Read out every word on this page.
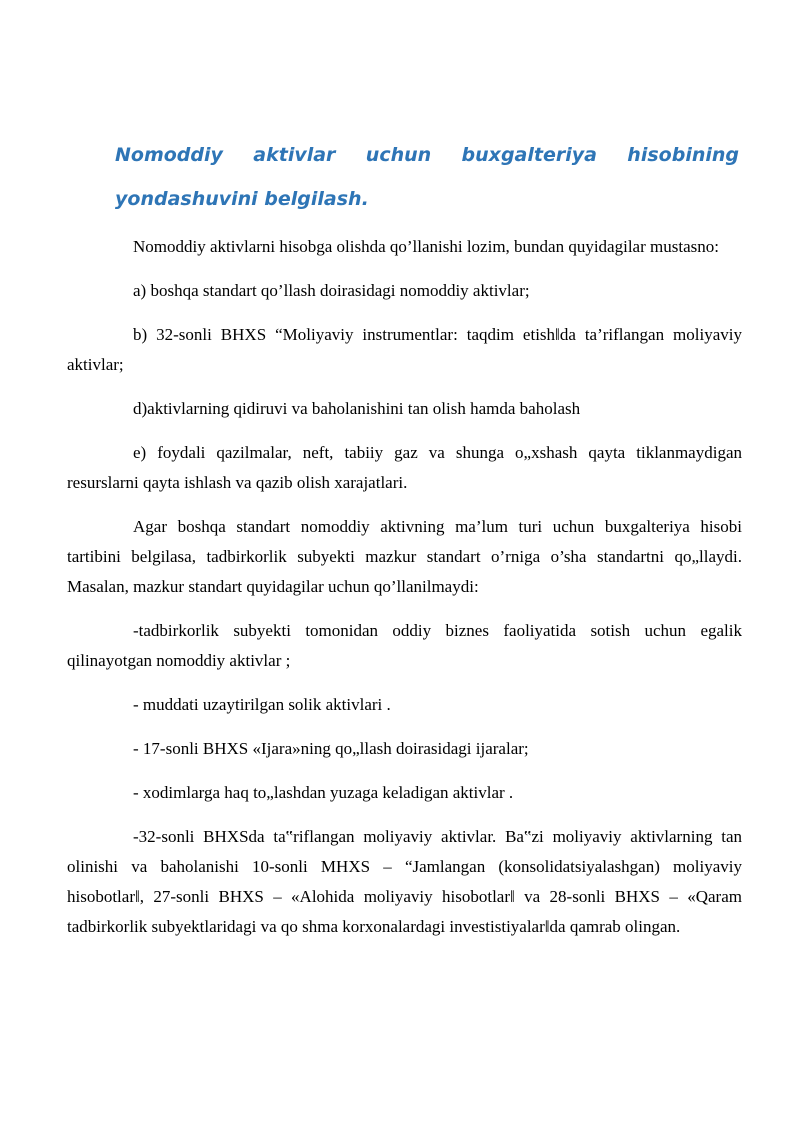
Nomoddiy aktivlar uchun buxgalteriya hisobining
yondashuvini belgilash.

Nomoddiy aktivlarni hisobga olishda qo’llanishi lozim, bundan quyidagilar mustasno:

a) boshqa standart qo’llash doirasidagi nomoddiy aktivlar;

b) 32-sonli BHXS “Moliyaviy instrumentlar: taqdim etish‖da ta’riflangan moliyaviy aktivlar;

d)aktivlarning qidiruvi va baholanishini tan olish hamda baholash

e) foydali qazilmalar, neft, tabiiy gaz va shunga o„xshash qayta tiklanmaydigan resurslarni qayta ishlash va qazib olish xarajatlari.

Agar boshqa standart nomoddiy aktivning ma’lum turi uchun buxgalteriya hisobi tartibini belgilasa, tadbirkorlik subyekti mazkur standart o’rniga o’sha standartni qo„llaydi. Masalan, mazkur standart quyidagilar uchun qo’llanilmaydi:

-tadbirkorlik subyekti tomonidan oddiy biznes faoliyatida sotish uchun egalik qilinayotgan nomoddiy aktivlar ;

- muddati uzaytirilgan solik aktivlari .

- 17-sonli BHXS «Ijara»ning qo„llash doirasidagi ijaralar;

- xodimlarga haq to„lashdan yuzaga keladigan aktivlar .

-32-sonli BHXSda ta‟riflangan moliyaviy aktivlar. Ba‟zi moliyaviy aktivlarning tan olinishi va baholanishi 10-sonli MHXS – “Jamlangan (konsolidatsiyalashgan) moliyaviy hisobotlar‖, 27-sonli BHXS – «Alohida moliyaviy hisobotlar‖ va 28-sonli BHXS – «Qaram tadbirkorlik subyektlaridagi va qo shma korxonalardagi investistiyalar‖da qamrab olingan.
